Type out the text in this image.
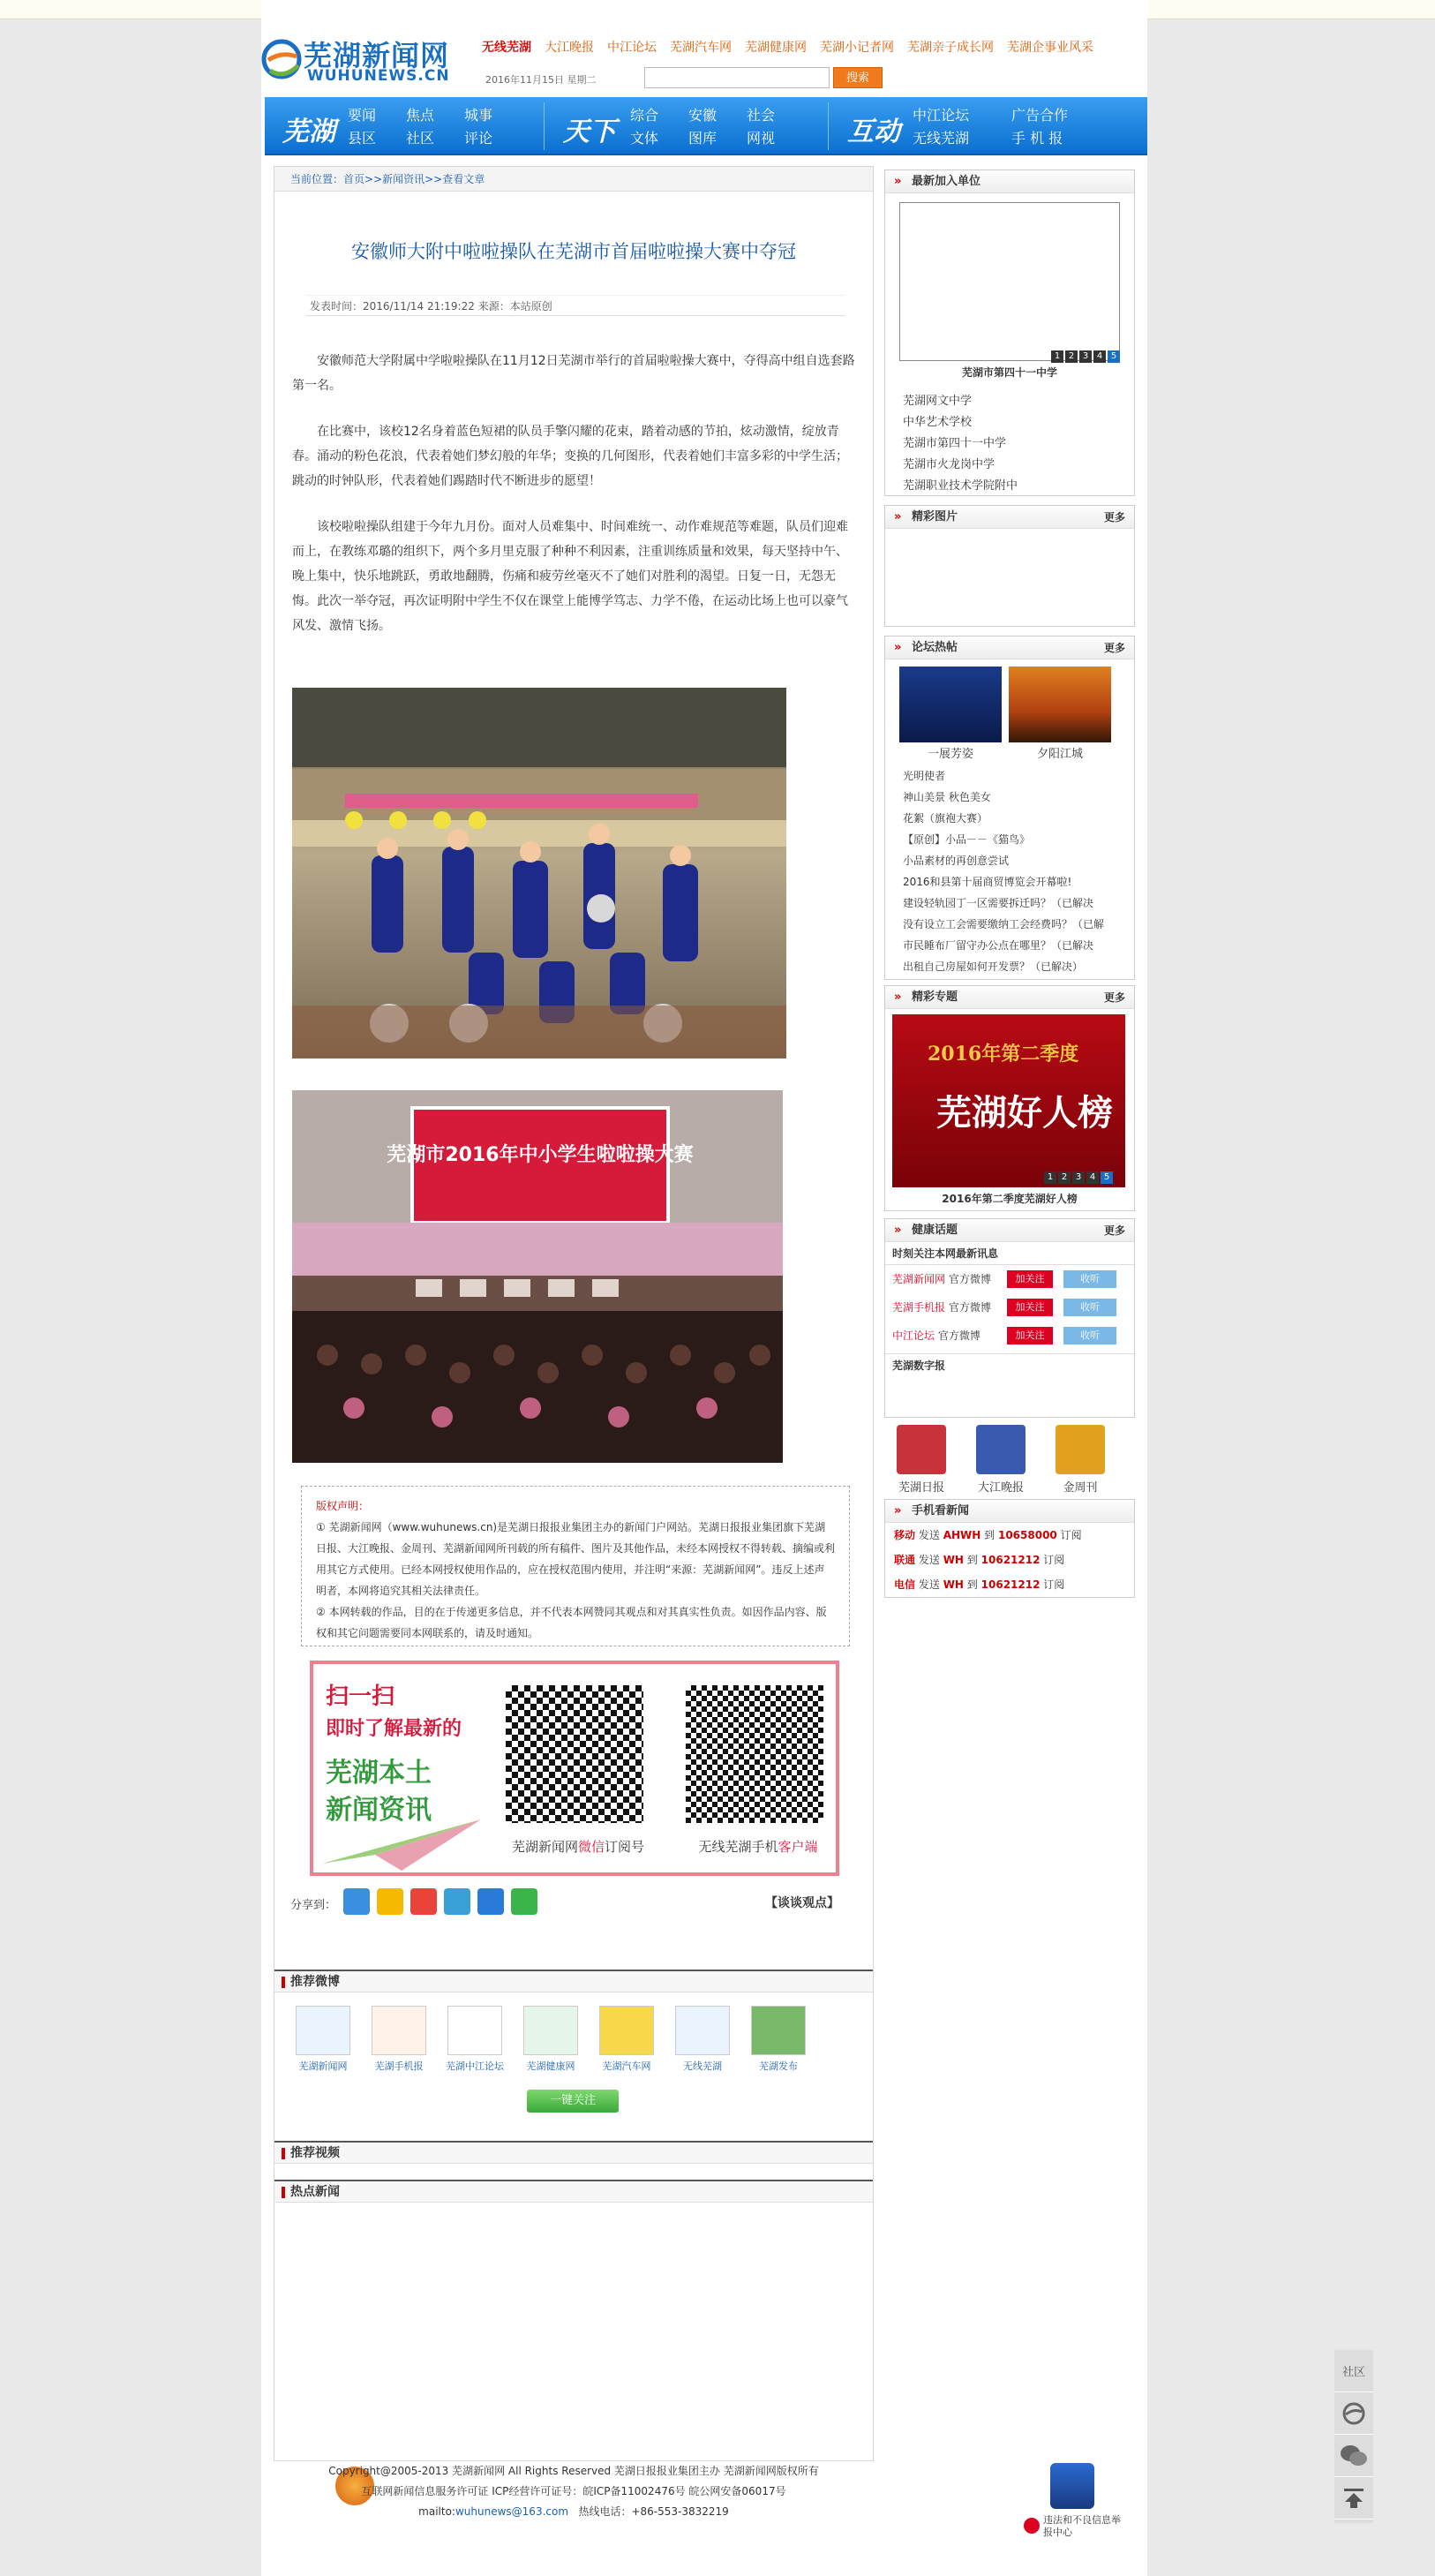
芜湖新闻网
WUHUNEWS.CN
无线芜湖	大江晚报	中江论坛	芜湖汽车网	芜湖健康网	芜湖小记者网	芜湖亲子成长网	芜湖企事业风采
2016年11月15日 星期二	搜索
芜湖
要闻 焦点 城事
县区 社区 评论	天下
综合 安徽 社会
文体 图库 网视	互动
中江论坛	广告合作
无线芜湖	手 机 报
当前位置：首页>>新闻资讯>>查看文章
安徽师大附中啦啦操队在芜湖市首届啦啦操大赛中夺冠
发表时间：2016/11/14 21:19:22 来源：本站原创
安徽师范大学附属中学啦啦操队在11月12日芜湖市举行的首届啦啦操大赛中，夺得高中组自选套路第一名。
在比赛中，该校12名身着蓝色短裙的队员手擎闪耀的花束，踏着动感的节拍，炫动激情，绽放青春。涌动的粉色花浪，代表着她们梦幻般的年华；变换的几何图形，代表着她们丰富多彩的中学生活；跳动的时钟队形，代表着她们踢踏时代不断进步的愿望！
该校啦啦操队组建于今年九月份。面对人员难集中、时间难统一、动作难规范等难题，队员们迎难而上，在教练邓璐的组织下，两个多月里克服了种种不利因素，注重训练质量和效果，每天坚持中午、晚上集中，快乐地跳跃，勇敢地翻腾，伤痛和疲劳丝毫灭不了她们对胜利的渴望。日复一日，无怨无悔。此次一举夺冠，再次证明附中学生不仅在课堂上能博学笃志、力学不倦，在运动比场上也可以豪气风发、激情飞扬。
芜湖市2016年中小学生啦啦操大赛
版权声明：
① 芜湖新闻网（www.wuhunews.cn)是芜湖日报报业集团主办的新闻门户网站。芜湖日报报业集团旗下芜湖日报、大江晚报、金周刊、芜湖新闻网所刊载的所有稿件、图片及其他作品，未经本网授权不得转载、摘编或利用其它方式使用。已经本网授权使用作品的，应在授权范围内使用，并注明“来源：芜湖新闻网”。违反上述声明者，本网将追究其相关法律责任。
② 本网转载的作品，目的在于传递更多信息，并不代表本网赞同其观点和对其真实性负责。如因作品内容、版权和其它问题需要同本网联系的，请及时通知。
扫一扫
即时了解最新的
芜湖本土
新闻资讯
芜湖新闻网微信订阅号	无线芜湖手机客户端
分享到：	【谈谈观点】
推荐微博
芜湖新闻网	芜湖手机报	芜湖中江论坛	芜湖健康网	芜湖汽车网	无线芜湖	芜湖发布
一键关注
推荐视频
热点新闻
» 最新加入单位
1 2 3 4 5
芜湖市第四十一中学
· 芜湖网文中学
· 中华艺术学校
· 芜湖市第四十一中学
· 芜湖市火龙岗中学
· 芜湖职业技术学院附中
» 精彩图片	更多
» 论坛热帖	更多
一展芳姿	夕阳江城
· 光明使者
· 神山美景 秋色美女
· 花絮（旗袍大赛）
· 【原创】小品－－《猫鸟》
· 小品素材的再创意尝试
· 2016和县第十届商贸博览会开幕啦!
· 建设轻轨园丁一区需要拆迁吗？（已解决
· 没有设立工会需要缴纳工会经费吗？（已解
· 市民睡布厂留守办公点在哪里？（已解决
· 出租自己房屋如何开发票？（已解决）
» 精彩专题	更多
2016年第二季度
芜湖好人榜
1 2 3 4 5
2016年第二季度芜湖好人榜
» 健康话题	更多
时刻关注本网最新讯息
芜湖新闻网 官方微博	加关注	收听
芜湖手机报 官方微博	加关注	收听
中江论坛 官方微博	加关注	收听
芜湖数字报
芜湖日报	大江晚报	金周刊
» 手机看新闻
移动 发送 AHWH 到 10658000 订阅
联通 发送 WH 到 10621212 订阅
电信 发送 WH 到 10621212 订阅
社区
Copyright@2005-2013 芜湖新闻网 All Rights Reserved 芜湖日报报业集团主办 芜湖新闻网版权所有
互联网新闻信息服务许可证 ICP经营许可证号：皖ICP备11002476号 皖公网安备06017号
mailto:wuhunews@163.com 热线电话：+86-553-3832219
违法和不良信息举报中心
